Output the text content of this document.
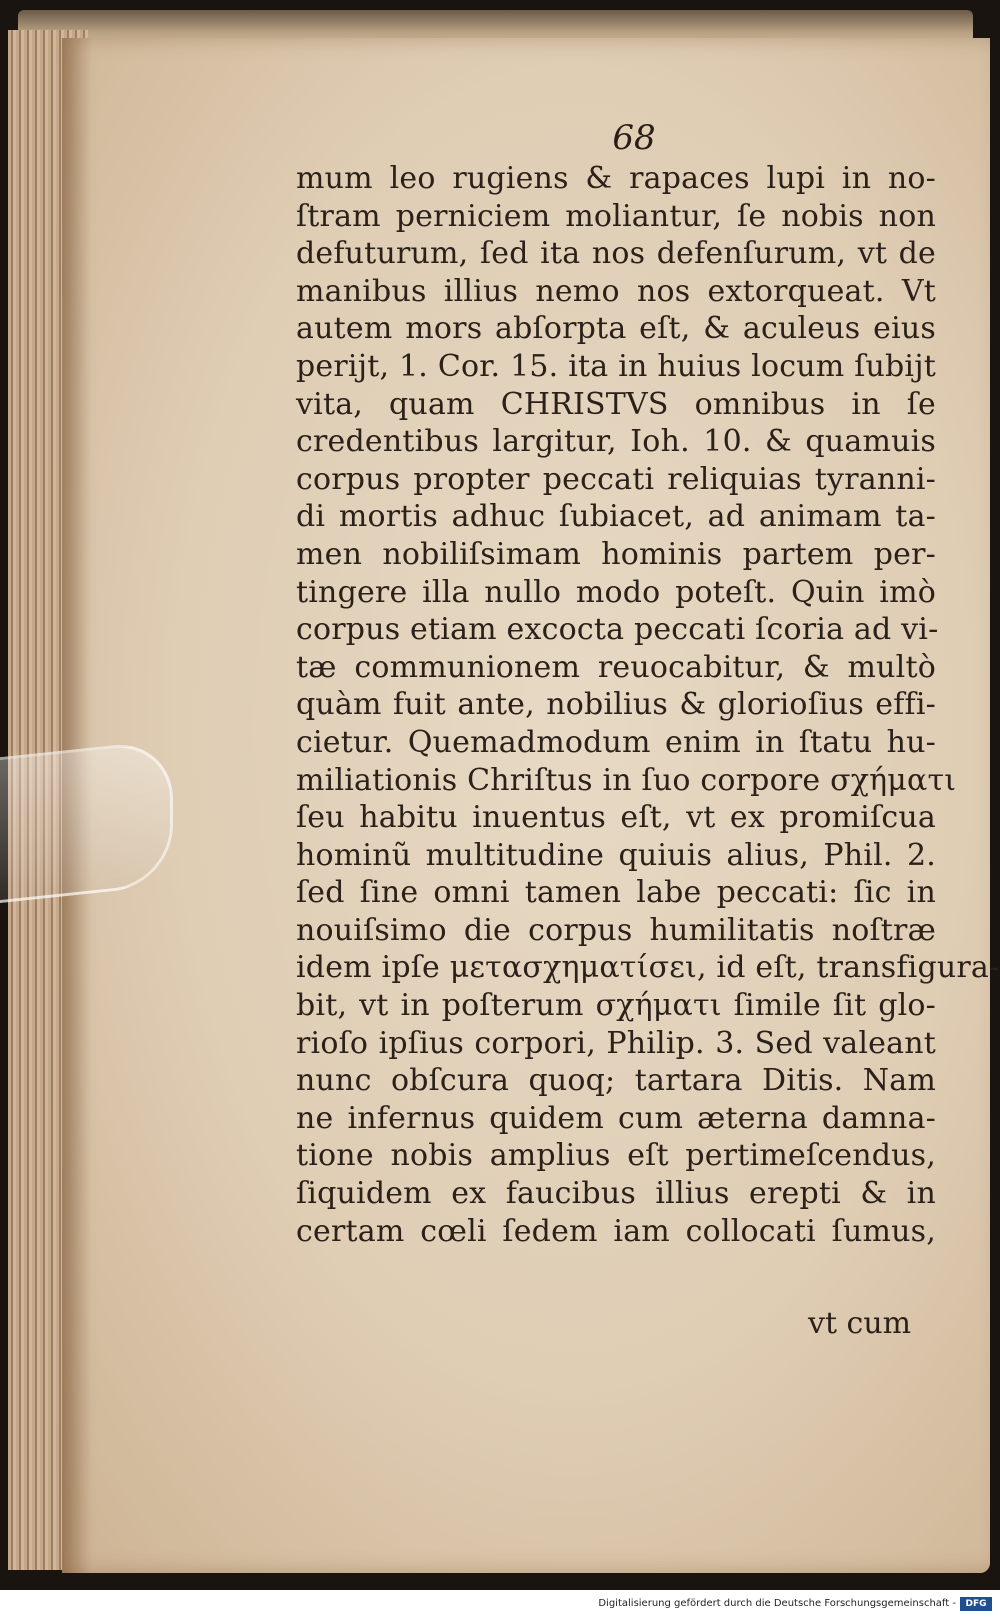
68
mum leo rugiens & rapaces lupi in no-
ſtram perniciem moliantur, ſe nobis non
defuturum, ſed ita nos defenſurum, vt de
manibus illius nemo nos extorqueat. Vt
autem mors abſorpta eſt, & aculeus eius
perijt, 1. Cor. 15. ita in huius locum ſubijt
vita, quam CHRISTVS omnibus in ſe
credentibus largitur, Ioh. 10. & quamuis
corpus propter peccati reliquias tyranni-
di mortis adhuc ſubiacet, ad animam ta-
men nobiliſsimam hominis partem per-
tingere illa nullo modo poteſt. Quin imò
corpus etiam excocta peccati ſcoria ad vi-
tæ communionem reuocabitur, & multò
quàm fuit ante, nobilius & glorioſius effi-
cietur. Quemadmodum enim in ſtatu hu-
miliationis Chriſtus in ſuo corpore σχήματι
ſeu habitu inuentus eſt, vt ex promiſcua
hominũ multitudine quiuis alius, Phil. 2.
ſed ſine omni tamen labe peccati: ſic in
nouiſsimo die corpus humilitatis noſtræ
idem ipſe μετασχηματίσει, id eſt, transfigura-
bit, vt in poſterum σχήματι ſimile ſit glo-
rioſo ipſius corpori, Philip. 3. Sed valeant
nunc obſcura quoq; tartara Ditis. Nam
ne infernus quidem cum æterna damna-
tione nobis amplius eſt pertimeſcendus,
ſiquidem ex faucibus illius erepti & in
certam cœli ſedem iam collocati ſumus,
vt cum
Digitalisierung gefördert durch die Deutsche Forschungsgemeinschaft -	DFG
